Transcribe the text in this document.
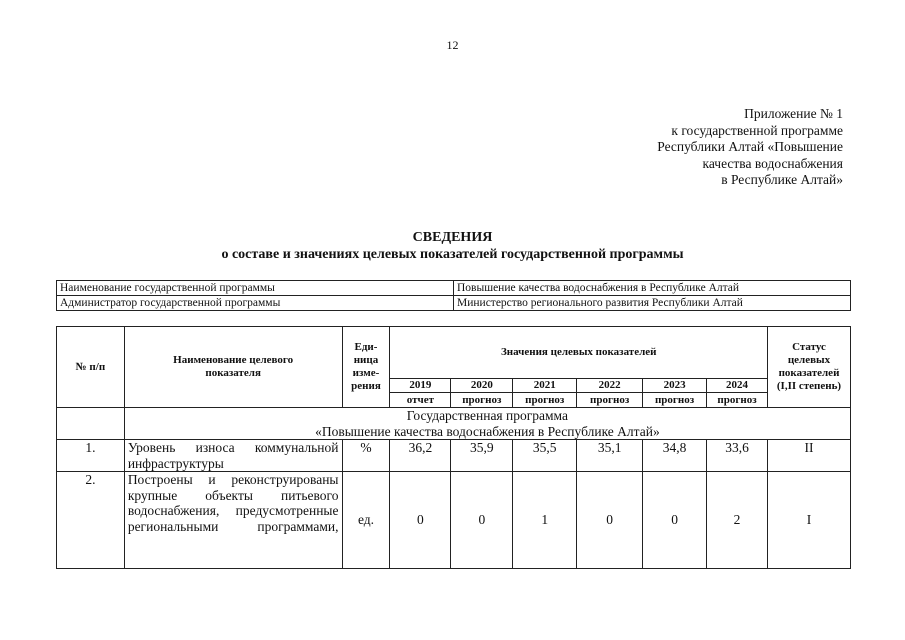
12
Приложение № 1
к государственной программе
Республики Алтай «Повышение
качества водоснабжения
в Республике Алтай»
СВЕДЕНИЯ
о составе и значениях целевых показателей государственной программы
Наименование государственной программы	Повышение качества водоснабжения в Республике Алтай
Администратор государственной программы	Министерство регионального развития Республики Алтай
№ п/п	Наименование целевого показателя	Еди-ница изме-рения	Значения целевых показателей						Статус целевых показателей (I,II степень)
			2019	2020	2021	2022	2023	2024	
			отчет	прогноз	прогноз	прогноз	прогноз	прогноз	

	Государственная программа
«Повышение качества водоснабжения в Республике Алтай»								

1.	Уровень износа коммунальной инфраструктуры	%	36,2	35,9	35,5	35,1	34,8	33,6	II
2.	Построены и реконструированы крупные объекты питьевого водоснабжения, предусмотренные региональными программами,	ед.	0	0	1	0	0	2	I
